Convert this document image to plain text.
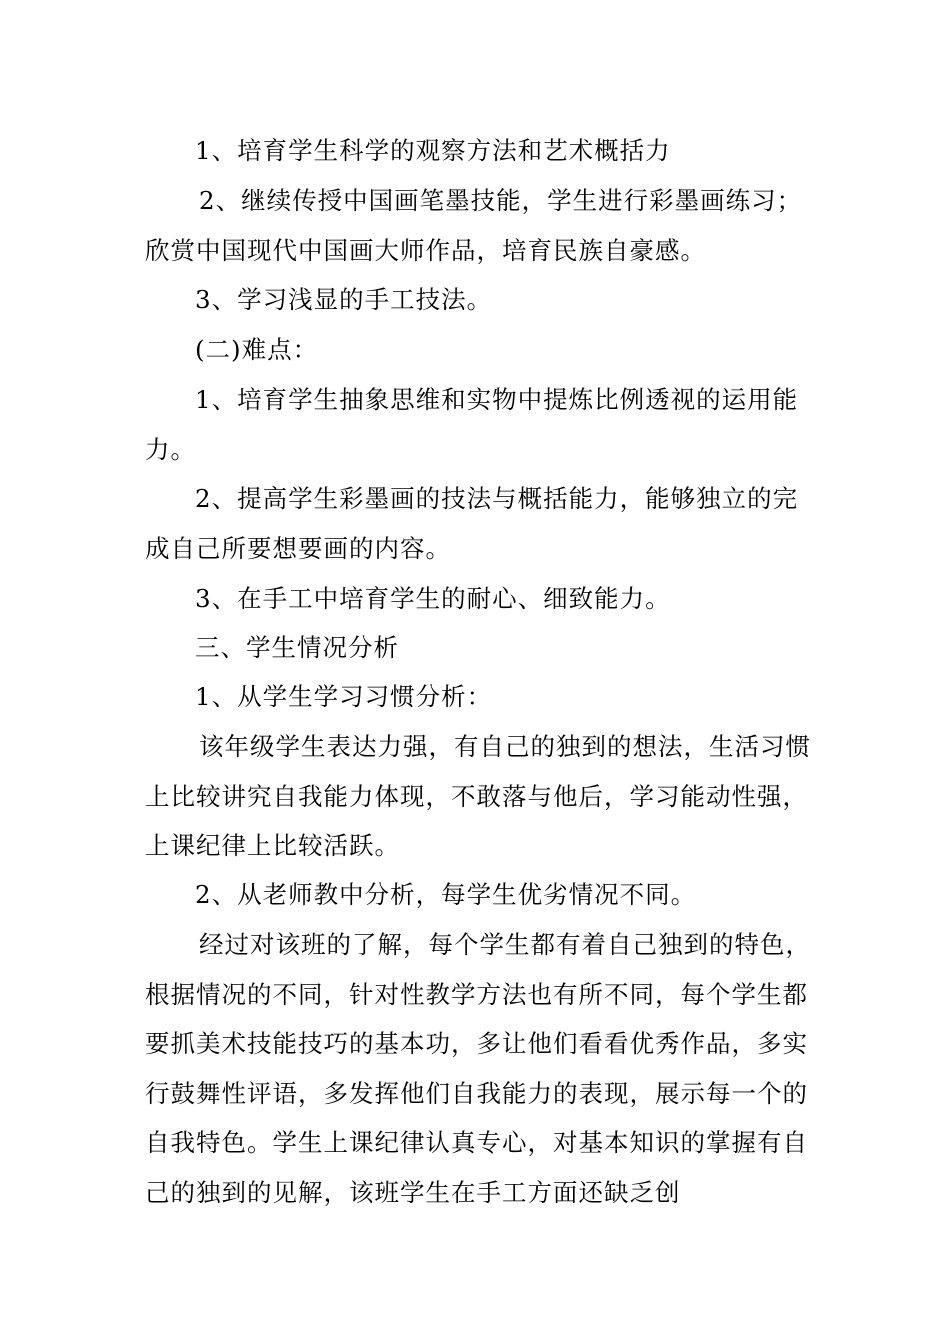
1、培育学生科学的观察方法和艺术概括力

2、继续传授中国画笔墨技能，学生进行彩墨画练习；欣赏中国现代中国画大师作品，培育民族自豪感。

3、学习浅显的手工技法。

(二)难点：

1、培育学生抽象思维和实物中提炼比例透视的运用能力。

2、提高学生彩墨画的技法与概括能力，能够独立的完成自己所要想要画的内容。

3、在手工中培育学生的耐心、细致能力。

三、学生情况分析

1、从学生学习习惯分析：

该年级学生表达力强，有自己的独到的想法，生活习惯上比较讲究自我能力体现，不敢落与他后，学习能动性强，上课纪律上比较活跃。

2、从老师教中分析，每学生优劣情况不同。

经过对该班的了解，每个学生都有着自己独到的特色，根据情况的不同，针对性教学方法也有所不同，每个学生都要抓美术技能技巧的基本功，多让他们看看优秀作品，多实行鼓舞性评语，多发挥他们自我能力的表现，展示每一个的自我特色。学生上课纪律认真专心，对基本知识的掌握有自己的独到的见解，该班学生在手工方面还缺乏创
